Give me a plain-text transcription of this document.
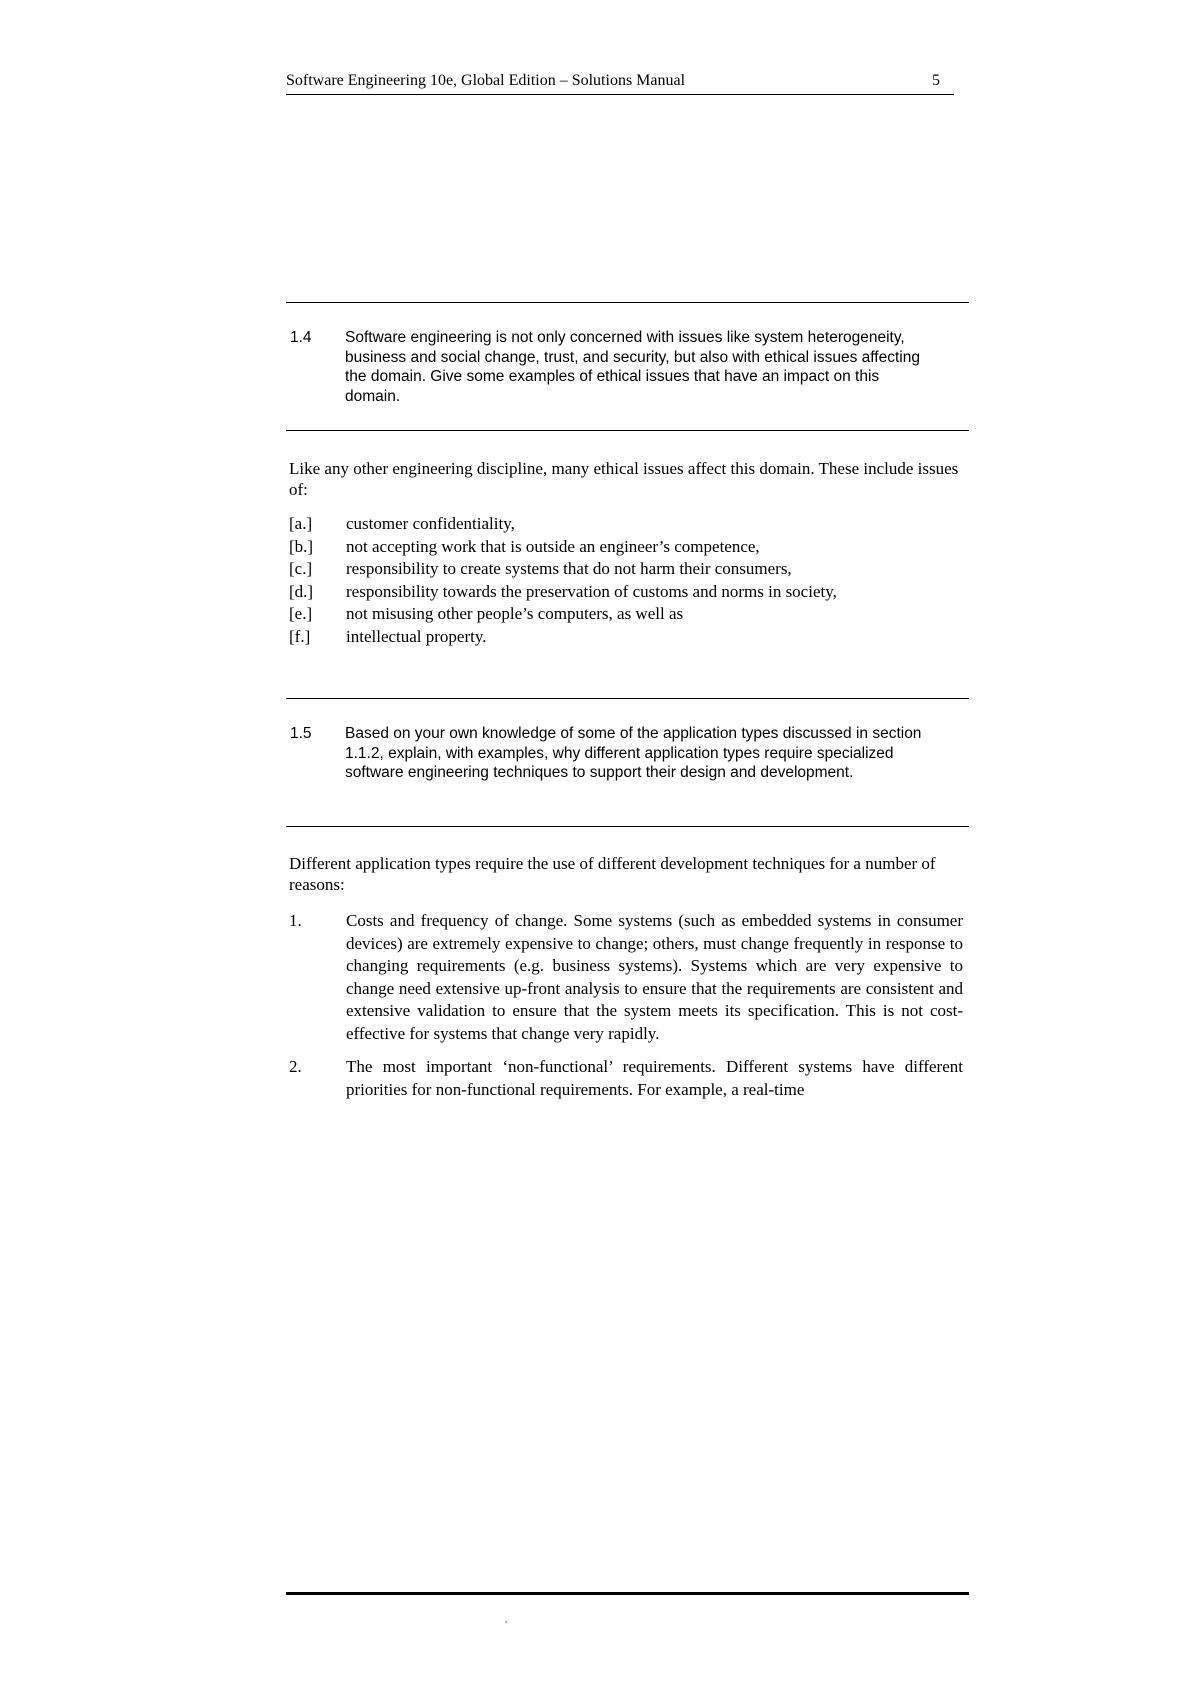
Software Engineering 10e, Global Edition – Solutions Manual	5
1.4 Software engineering is not only concerned with issues like system heterogeneity, business and social change, trust, and security, but also with ethical issues affecting the domain. Give some examples of ethical issues that have an impact on this domain.
Like any other engineering discipline, many ethical issues affect this domain. These include issues of:
[a.] customer confidentiality,
[b.] not accepting work that is outside an engineer’s competence,
[c.] responsibility to create systems that do not harm their consumers,
[d.] responsibility towards the preservation of customs and norms in society,
[e.] not misusing other people’s computers, as well as
[f.] intellectual property.
1.5 Based on your own knowledge of some of the application types discussed in section 1.1.2, explain, with examples, why different application types require specialized software engineering techniques to support their design and development.
Different application types require the use of different development techniques for a number of reasons:
1.	Costs and frequency of change. Some systems (such as embedded systems in consumer devices) are extremely expensive to change; others, must change frequently in response to changing requirements (e.g. business systems). Systems which are very expensive to change need extensive up-front analysis to ensure that the requirements are consistent and extensive validation to ensure that the system meets its specification. This is not cost-effective for systems that change very rapidly.
2.	The most important ‘non-functional’ requirements. Different systems have different priorities for non-functional requirements. For example, a real-time
‚
